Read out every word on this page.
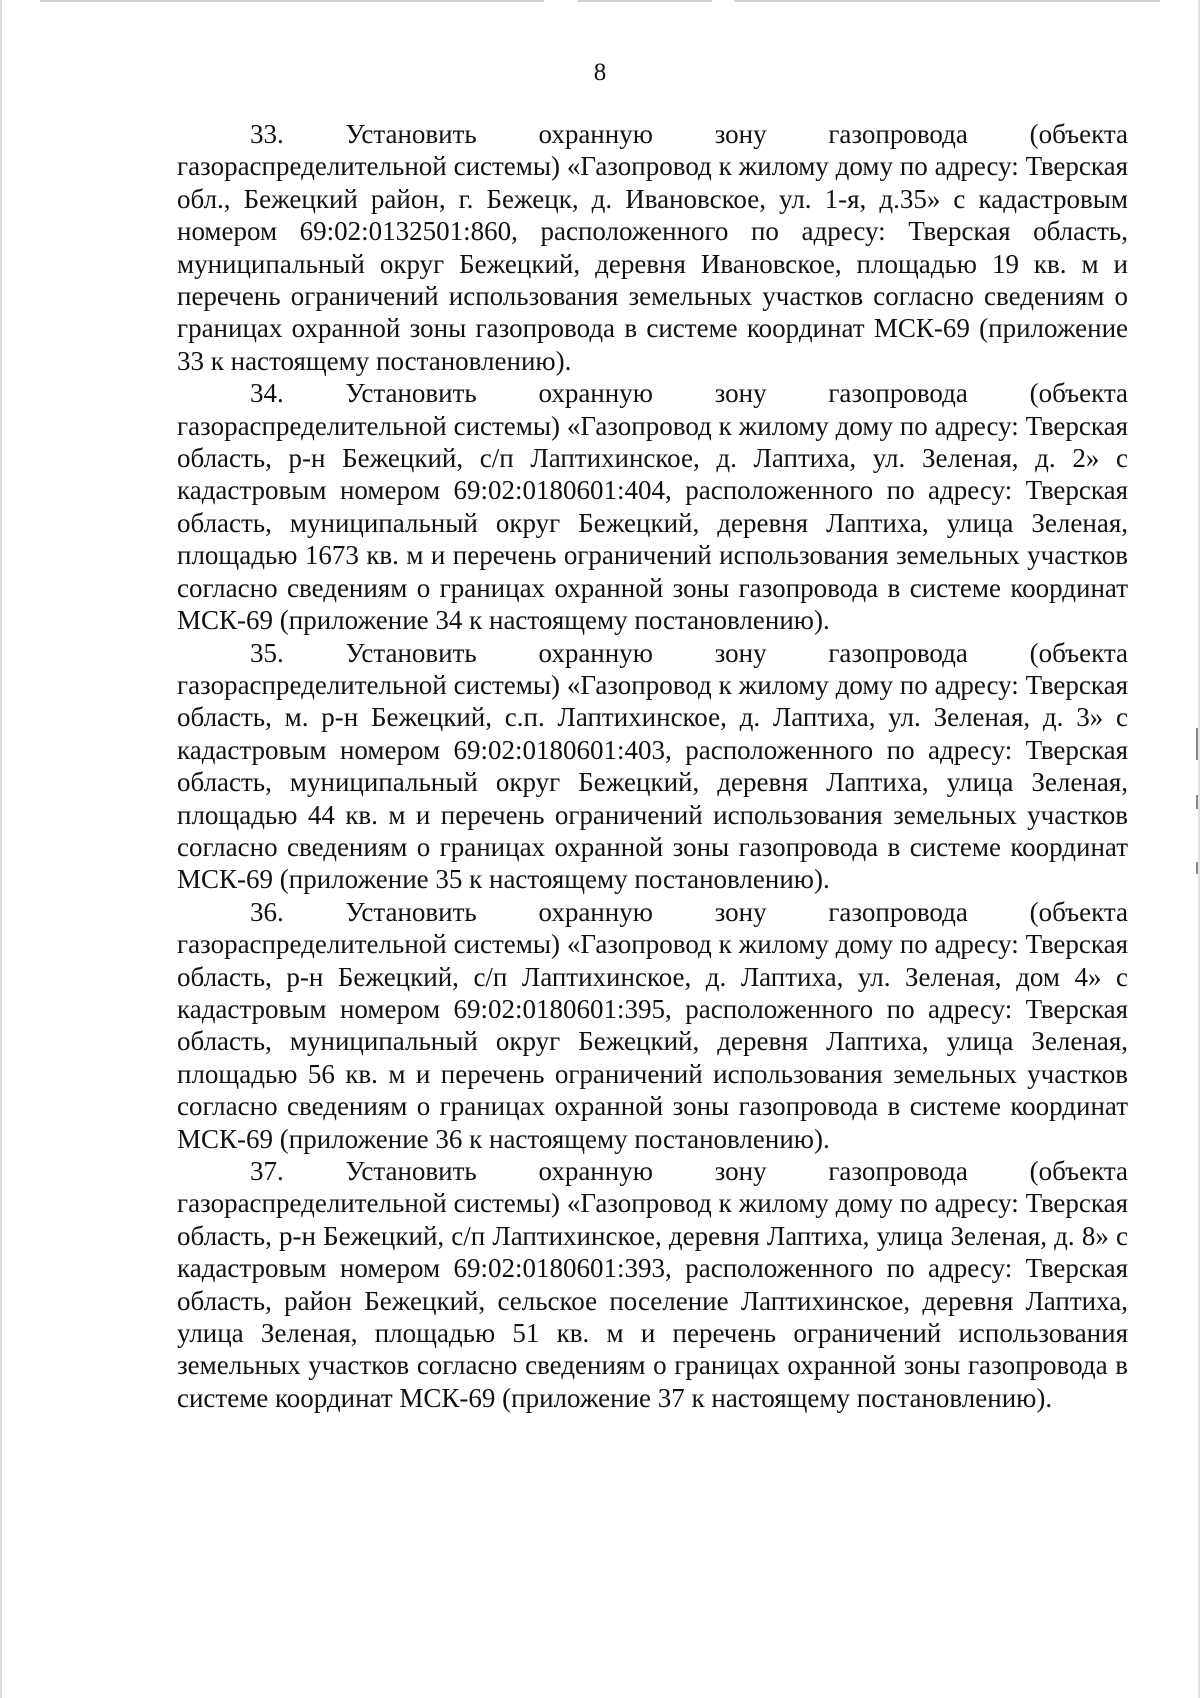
8

33. Установить охранную зону газопровода (объекта
газораспределительной системы) «Газопровод к жилому дому по адресу: Тверская обл., Бежецкий район, г. Бежецк, д. Ивановское, ул. 1-я, д.35» с кадастровым номером 69:02:0132501:860, расположенного по адресу: Тверская область, муниципальный округ Бежецкий, деревня Ивановское, площадью 19 кв. м и перечень ограничений использования земельных участков согласно сведениям о границах охранной зоны газопровода в системе координат МСК-69 (приложение 33 к настоящему постановлению).

34. Установить охранную зону газопровода (объекта
газораспределительной системы) «Газопровод к жилому дому по адресу: Тверская область, р-н Бежецкий, с/п Лаптихинское, д. Лаптиха, ул. Зеленая, д. 2» с кадастровым номером 69:02:0180601:404, расположенного по адресу: Тверская область, муниципальный округ Бежецкий, деревня Лаптиха, улица Зеленая, площадью 1673 кв. м и перечень ограничений использования земельных участков согласно сведениям о границах охранной зоны газопровода в системе координат МСК-69 (приложение 34 к настоящему постановлению).

35. Установить охранную зону газопровода (объекта
газораспределительной системы) «Газопровод к жилому дому по адресу: Тверская область, м. р-н Бежецкий, с.п. Лаптихинское, д. Лаптиха, ул. Зеленая, д. 3» с кадастровым номером 69:02:0180601:403, расположенного по адресу: Тверская область, муниципальный округ Бежецкий, деревня Лаптиха, улица Зеленая, площадью 44 кв. м и перечень ограничений использования земельных участков согласно сведениям о границах охранной зоны газопровода в системе координат МСК-69 (приложение 35 к настоящему постановлению).

36. Установить охранную зону газопровода (объекта
газораспределительной системы) «Газопровод к жилому дому по адресу: Тверская область, р-н Бежецкий, с/п Лаптихинское, д. Лаптиха, ул. Зеленая, дом 4» с кадастровым номером 69:02:0180601:395, расположенного по адресу: Тверская область, муниципальный округ Бежецкий, деревня Лаптиха, улица Зеленая, площадью 56 кв. м и перечень ограничений использования земельных участков согласно сведениям о границах охранной зоны газопровода в системе координат МСК-69 (приложение 36 к настоящему постановлению).

37. Установить охранную зону газопровода (объекта
газораспределительной системы) «Газопровод к жилому дому по адресу: Тверская область, р-н Бежецкий, с/п Лаптихинское, деревня Лаптиха, улица Зеленая, д. 8» с кадастровым номером 69:02:0180601:393, расположенного по адресу: Тверская область, район Бежецкий, сельское поселение Лаптихинское, деревня Лаптиха, улица Зеленая, площадью 51 кв. м и перечень ограничений использования земельных участков согласно сведениям о границах охранной зоны газопровода в системе координат МСК-69 (приложение 37 к настоящему постановлению).
